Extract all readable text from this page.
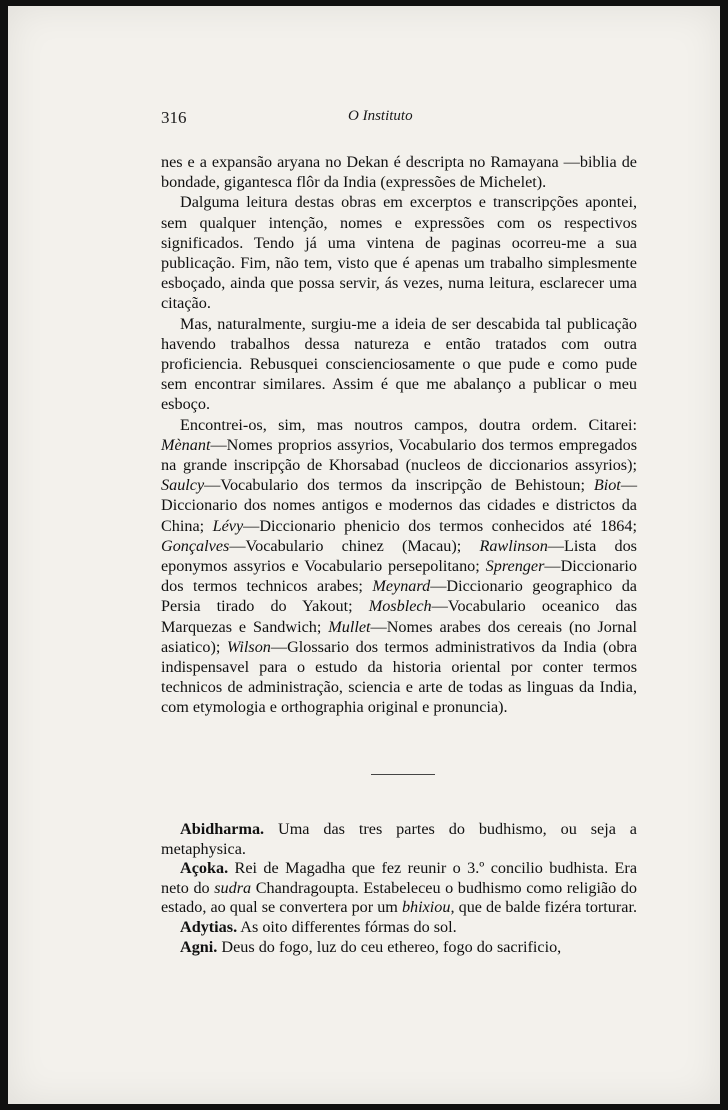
316	O Instituto

nes e a expansão aryana no Dekan é descripta no Ramayana —biblia de bondade, gigantesca flôr da India (expressões de Michelet).

Dalguma leitura destas obras em excerptos e transcripções apontei, sem qualquer intenção, nomes e expressões com os respectivos significados. Tendo já uma vintena de paginas ocorreu-me a sua publicação. Fim, não tem, visto que é apenas um trabalho simplesmente esboçado, ainda que possa servir, ás vezes, numa leitura, esclarecer uma citação.

Mas, naturalmente, surgiu-me a ideia de ser descabida tal publicação havendo trabalhos dessa natureza e então tratados com outra proficiencia. Rebusquei conscienciosamente o que pude e como pude sem encontrar similares. Assim é que me abalanço a publicar o meu esboço.

Encontrei-os, sim, mas noutros campos, doutra ordem. Citarei: Mènant—Nomes proprios assyrios, Vocabulario dos termos empregados na grande inscripção de Khorsabad (nucleos de diccionarios assyrios); Saulcy—Vocabulario dos termos da inscripção de Behistoun; Biot—Diccionario dos nomes antigos e modernos das cidades e districtos da China; Lévy—Diccionario phenicio dos termos conhecidos até 1864; Gonçalves—Vocabulario chinez (Macau); Rawlinson—Lista dos eponymos assyrios e Vocabulario persepolitano; Sprenger—Diccionario dos termos technicos arabes; Meynard—Diccionario geographico da Persia tirado do Yakout; Mosblech—Vocabulario oceanico das Marquezas e Sandwich; Mullet—Nomes arabes dos cereais (no Jornal asiatico); Wilson—Glossario dos termos administrativos da India (obra indispensavel para o estudo da historia oriental por conter termos technicos de administração, sciencia e arte de todas as linguas da India, com etymologia e orthographia original e pronuncia).

Abidharma. Uma das tres partes do budhismo, ou seja a metaphysica.

Açoka. Rei de Magadha que fez reunir o 3.º concilio budhista. Era neto do sudra Chandragoupta. Estabeleceu o budhismo como religião do estado, ao qual se convertera por um bhixiou, que de balde fizéra torturar.

Adytias. As oito differentes fórmas do sol.

Agni. Deus do fogo, luz do ceu ethereo, fogo do sacrificio,
